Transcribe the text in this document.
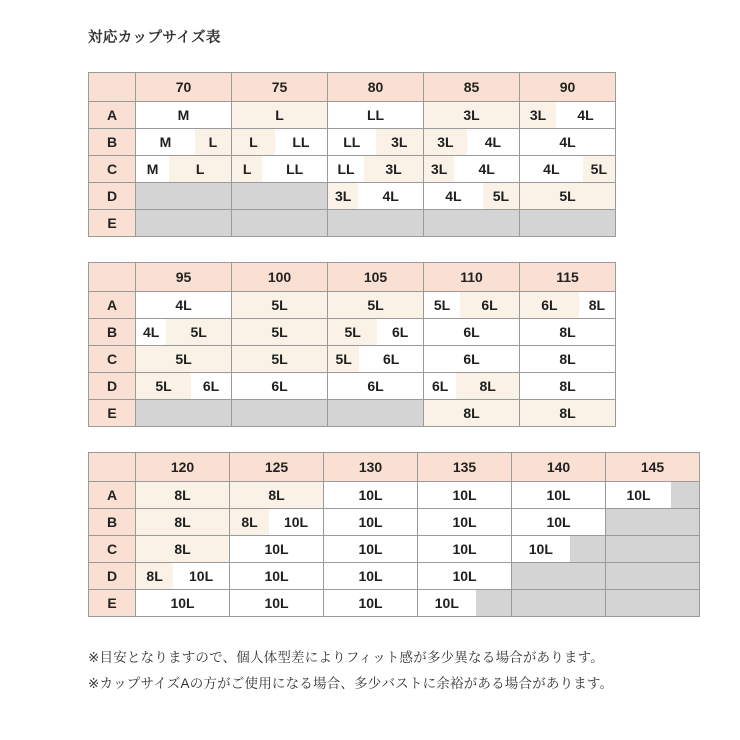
対応カップサイズ表
	70	75	80	85	90
A	M	L	LL	3L	3L 4L

B	M L	L LL	LL 3L	3L 4L	4L

C	M L	L LL	LL 3L	3L 4L	4L 5L

D			3L 4L	4L 5L	5L

E	

	95	100	105	110	115
A	4L	5L	5L	5L 6L	6L 8L

B	4L 5L	5L	5L 6L	6L	8L

C	5L	5L	5L 6L	6L	8L

D	5L 6L	6L	6L	6L 8L	8L

E				8L	8L
	120	125	130	135	140	145
A	8L	8L	10L	10L	10L	10L

B	8L	8L 10L	10L	10L	10L	

C	8L	10L	10L	10L	10L	

D	8L 10L	10L	10L	10L		

E	10L	10L	10L	10L		

※目安となりますので、個人体型差によりフィット感が多少異なる場合があります。
※カップサイズAの方がご使用になる場合、多少バストに余裕がある場合があります。
